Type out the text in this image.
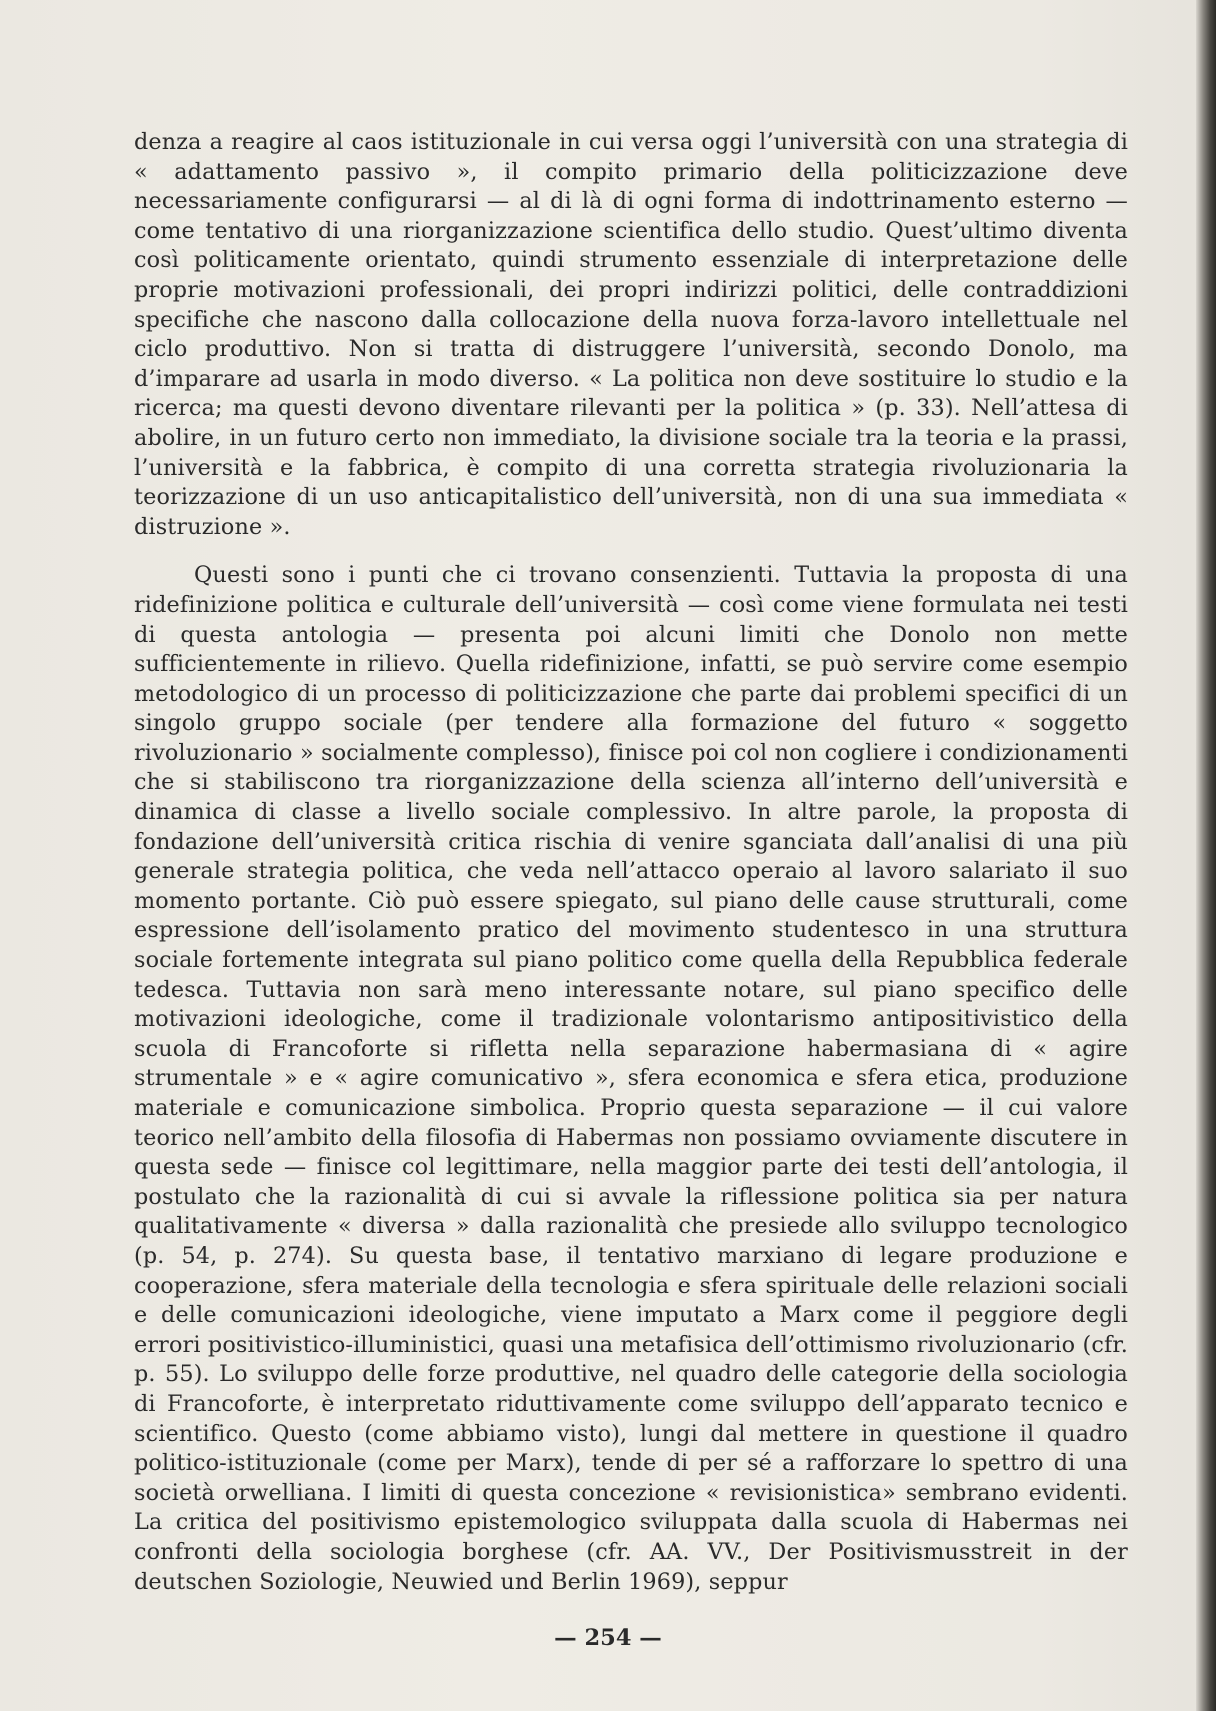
denza a reagire al caos istituzionale in cui versa oggi l’università con una strategia di « adattamento passivo », il compito primario della politicizzazione deve necessariamente configurarsi — al di là di ogni forma di indottrinamento esterno — come tentativo di una riorganizzazione scientifica dello studio. Quest’ultimo diventa così politicamente orientato, quindi strumento essenziale di interpretazione delle proprie motivazioni professionali, dei propri indirizzi politici, delle contraddizioni specifiche che nascono dalla collocazione della nuova forza-lavoro intellettuale nel ciclo produttivo. Non si tratta di distruggere l’università, secondo Donolo, ma d’imparare ad usarla in modo diverso. « La politica non deve sostituire lo studio e la ricerca; ma questi devono diventare rilevanti per la politica » (p. 33). Nell’attesa di abolire, in un futuro certo non immediato, la divisione sociale tra la teoria e la prassi, l’università e la fabbrica, è compito di una corretta strategia rivoluzionaria la teorizzazione di un uso anticapitalistico dell’università, non di una sua immediata « distruzione ».

Questi sono i punti che ci trovano consenzienti. Tuttavia la proposta di una ridefinizione politica e culturale dell’università — così come viene formulata nei testi di questa antologia — presenta poi alcuni limiti che Donolo non mette sufficientemente in rilievo. Quella ridefinizione, infatti, se può servire come esempio metodologico di un processo di politicizzazione che parte dai problemi specifici di un singolo gruppo sociale (per tendere alla formazione del futuro « soggetto rivoluzionario » socialmente complesso), finisce poi col non cogliere i condizionamenti che si stabiliscono tra riorganizzazione della scienza all’interno dell’università e dinamica di classe a livello sociale complessivo. In altre parole, la proposta di fondazione dell’università critica rischia di venire sganciata dall’analisi di una più generale strategia politica, che veda nell’attacco operaio al lavoro salariato il suo momento portante. Ciò può essere spiegato, sul piano delle cause strutturali, come espressione dell’isolamento pratico del movimento studentesco in una struttura sociale fortemente integrata sul piano politico come quella della Repubblica federale tedesca. Tuttavia non sarà meno interessante notare, sul piano specifico delle motivazioni ideologiche, come il tradizionale volontarismo antipositivistico della scuola di Francoforte si rifletta nella separazione habermasiana di « agire strumentale » e « agire comunicativo », sfera economica e sfera etica, produzione materiale e comunicazione simbolica. Proprio questa separazione — il cui valore teorico nell’ambito della filosofia di Habermas non possiamo ovviamente discutere in questa sede — finisce col legittimare, nella maggior parte dei testi dell’antologia, il postulato che la razionalità di cui si avvale la riflessione politica sia per natura qualitativamente « diversa » dalla razionalità che presiede allo sviluppo tecnologico (p. 54, p. 274). Su questa base, il tentativo marxiano di legare produzione e cooperazione, sfera materiale della tecnologia e sfera spirituale delle relazioni sociali e delle comunicazioni ideologiche, viene imputato a Marx come il peggiore degli errori positivistico-illuministici, quasi una metafisica dell’ottimismo rivoluzionario (cfr. p. 55). Lo sviluppo delle forze produttive, nel quadro delle categorie della sociologia di Francoforte, è interpretato riduttivamente come sviluppo dell’apparato tecnico e scientifico. Questo (come abbiamo visto), lungi dal mettere in questione il quadro politico-istituzionale (come per Marx), tende di per sé a rafforzare lo spettro di una società orwelliana. I limiti di questa concezione « revisionistica» sembrano evidenti. La critica del positivismo epistemologico sviluppata dalla scuola di Habermas nei confronti della sociologia borghese (cfr. AA. VV., Der Positivismusstreit in der deutschen Soziologie, Neuwied und Berlin 1969), seppur

— 254 —
